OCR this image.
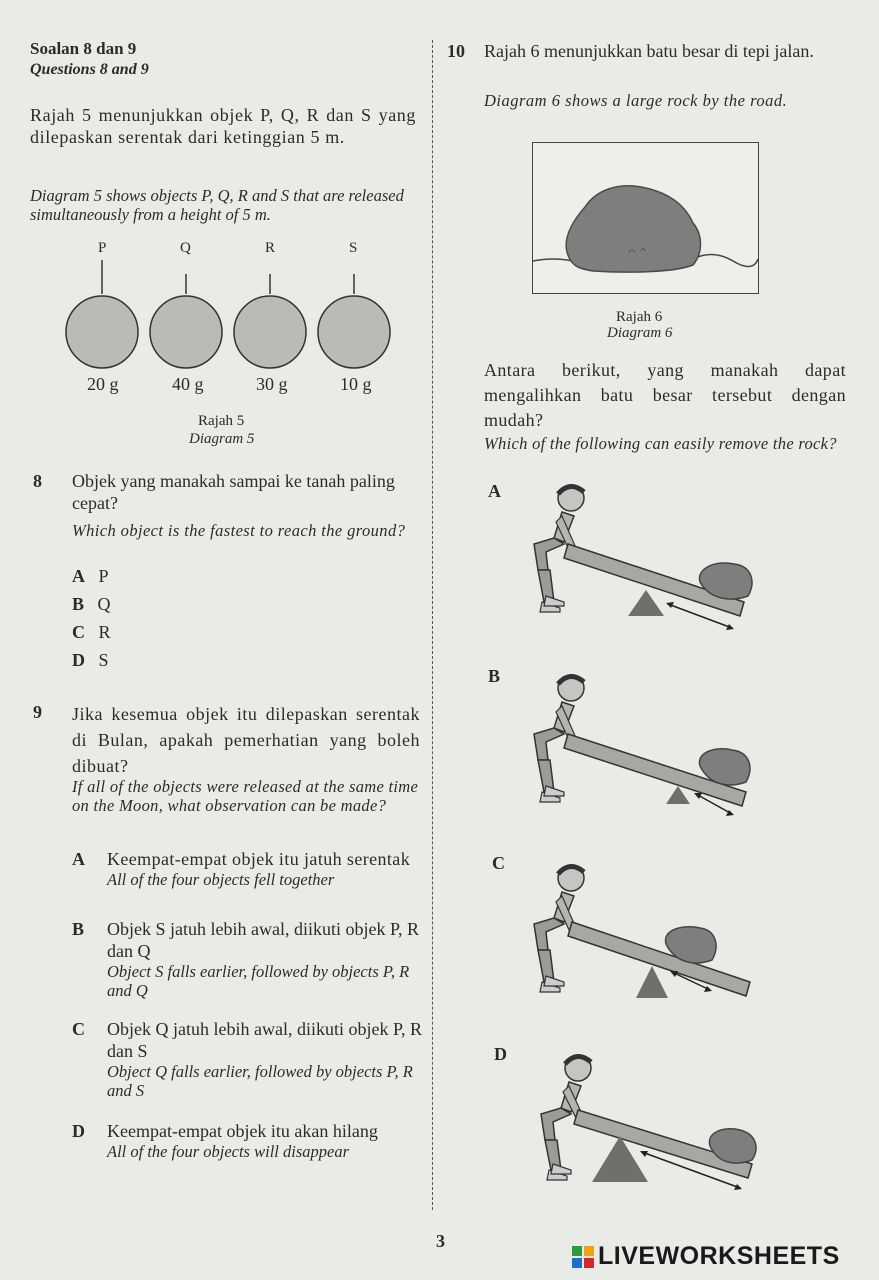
Soalan 8 dan 9
Questions 8 and 9
Rajah 5 menunjukkan objek P, Q, R dan S yang dilepaskan serentak dari ketinggian 5 m.
Diagram 5 shows objects P, Q, R and S that are released simultaneously from a height of 5 m.
P	Q	R	S
20 g	40 g	30 g	10 g
Rajah 5
Diagram 5
8 Objek yang manakah sampai ke tanah paling cepat?
Which object is the fastest to reach the ground?
A P
B Q
C R
D S
9 Jika kesemua objek itu dilepaskan serentak di Bulan, apakah pemerhatian yang boleh dibuat?
If all of the objects were released at the same time on the Moon, what observation can be made?
A Keempat-empat objek itu jatuh serentak
All of the four objects fell together
B Objek S jatuh lebih awal, diikuti objek P, R dan Q
Object S falls earlier, followed by objects P, R and Q
C Objek Q jatuh lebih awal, diikuti objek P, R dan S
Object Q falls earlier, followed by objects P, R and S
D Keempat-empat objek itu akan hilang
All of the four objects will disappear
10 Rajah 6 menunjukkan batu besar di tepi jalan.
Diagram 6 shows a large rock by the road.
Rajah 6
Diagram 6
Antara berikut, yang manakah dapat mengalihkan batu besar tersebut dengan mudah?
Which of the following can easily remove the rock?
A
B
C
D
3
LIVEWORKSHEETS
